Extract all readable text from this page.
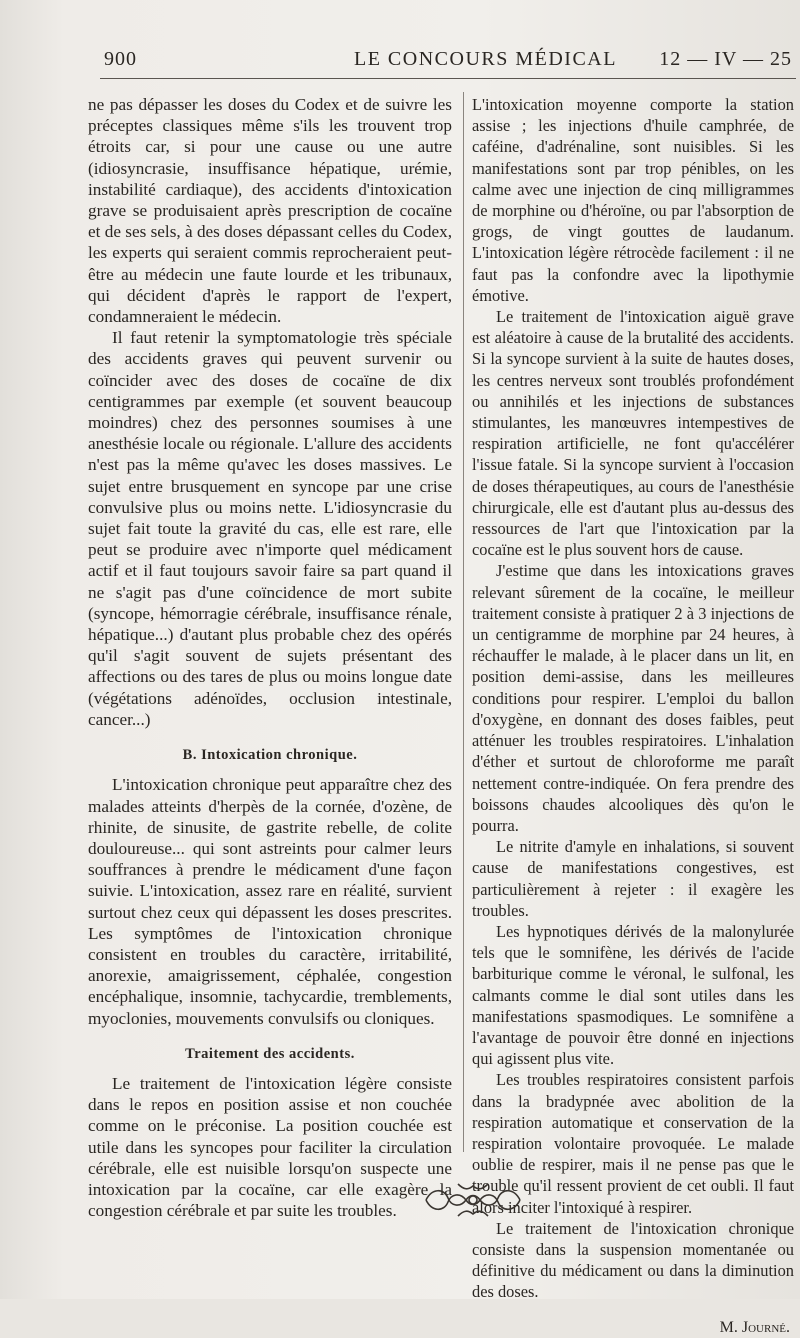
900	LE CONCOURS MÉDICAL 12 — IV — 25

ne pas dépasser les doses du Codex et de suivre les préceptes classiques même s'ils les trouvent trop étroits car, si pour une cause ou une autre (idiosyncrasie, insuffisance hépatique, urémie, instabilité cardiaque), des accidents d'intoxication grave se produisaient après prescription de cocaïne et de ses sels, à des doses dépassant celles du Codex, les experts qui seraient commis reprocheraient peut-être au médecin une faute lourde et les tribunaux, qui décident d'après le rapport de l'expert, condamneraient le médecin.

Il faut retenir la symptomatologie très spéciale des accidents graves qui peuvent survenir ou coïncider avec des doses de cocaïne de dix centigrammes par exemple (et souvent beaucoup moindres) chez des personnes soumises à une anesthésie locale ou régionale. L'allure des accidents n'est pas la même qu'avec les doses massives. Le sujet entre brusquement en syncope par une crise convulsive plus ou moins nette. L'idiosyncrasie du sujet fait toute la gravité du cas, elle est rare, elle peut se produire avec n'importe quel médicament actif et il faut toujours savoir faire sa part quand il ne s'agit pas d'une coïncidence de mort subite (syncope, hémorragie cérébrale, insuffisance rénale, hépatique...) d'autant plus probable chez des opérés qu'il s'agit souvent de sujets présentant des affections ou des tares de plus ou moins longue date (végétations adénoïdes, occlusion intestinale, cancer...)

B. Intoxication chronique.

L'intoxication chronique peut apparaître chez des malades atteints d'herpès de la cornée, d'ozène, de rhinite, de sinusite, de gastrite rebelle, de colite douloureuse... qui sont astreints pour calmer leurs souffrances à prendre le médicament d'une façon suivie. L'intoxication, assez rare en réalité, survient surtout chez ceux qui dépassent les doses prescrites. Les symptômes de l'intoxication chronique consistent en troubles du caractère, irritabilité, anorexie, amaigrissement, céphalée, congestion encéphalique, insomnie, tachycardie, tremblements, myoclonies, mouvements convulsifs ou cloniques.

Traitement des accidents.

Le traitement de l'intoxication légère consiste dans le repos en position assise et non couchée comme on le préconise. La position couchée est utile dans les syncopes pour faciliter la circulation cérébrale, elle est nuisible lorsqu'on suspecte une intoxication par la cocaïne, car elle exagère la congestion cérébrale et par suite les troubles.

L'intoxication moyenne comporte la station assise ; les injections d'huile camphrée, de caféine, d'adrénaline, sont nuisibles. Si les manifestations sont par trop pénibles, on les calme avec une injection de cinq milligrammes de morphine ou d'héroïne, ou par l'absorption de grogs, de vingt gouttes de laudanum. L'intoxication légère rétrocède facilement : il ne faut pas la confondre avec la lipothymie émotive.

Le traitement de l'intoxication aiguë grave est aléatoire à cause de la brutalité des accidents. Si la syncope survient à la suite de hautes doses, les centres nerveux sont troublés profondément ou annihilés et les injections de substances stimulantes, les manœuvres intempestives de respiration artificielle, ne font qu'accélérer l'issue fatale. Si la syncope survient à l'occasion de doses thérapeutiques, au cours de l'anesthésie chirurgicale, elle est d'autant plus au-dessus des ressources de l'art que l'intoxication par la cocaïne est le plus souvent hors de cause.

J'estime que dans les intoxications graves relevant sûrement de la cocaïne, le meilleur traitement consiste à pratiquer 2 à 3 injections de un centigramme de morphine par 24 heures, à réchauffer le malade, à le placer dans un lit, en position demi-assise, dans les meilleures conditions pour respirer. L'emploi du ballon d'oxygène, en donnant des doses faibles, peut atténuer les troubles respiratoires. L'inhalation d'éther et surtout de chloroforme me paraît nettement contre-indiquée. On fera prendre des boissons chaudes alcooliques dès qu'on le pourra.

Le nitrite d'amyle en inhalations, si souvent cause de manifestations congestives, est particulièrement à rejeter : il exagère les troubles.

Les hypnotiques dérivés de la malonylurée tels que le somnifène, les dérivés de l'acide barbiturique comme le véronal, le sulfonal, les calmants comme le dial sont utiles dans les manifestations spasmodiques. Le somnifène a l'avantage de pouvoir être donné en injections qui agissent plus vite.

Les troubles respiratoires consistent parfois dans la bradypnée avec abolition de la respiration automatique et conservation de la respiration volontaire provoquée. Le malade oublie de respirer, mais il ne pense pas que le trouble qu'il ressent provient de cet oubli. Il faut alors inciter l'intoxiqué à respirer.

Le traitement de l'intoxication chronique consiste dans la suspension momentanée ou définitive du médicament ou dans la diminution des doses.

M. Journé.
